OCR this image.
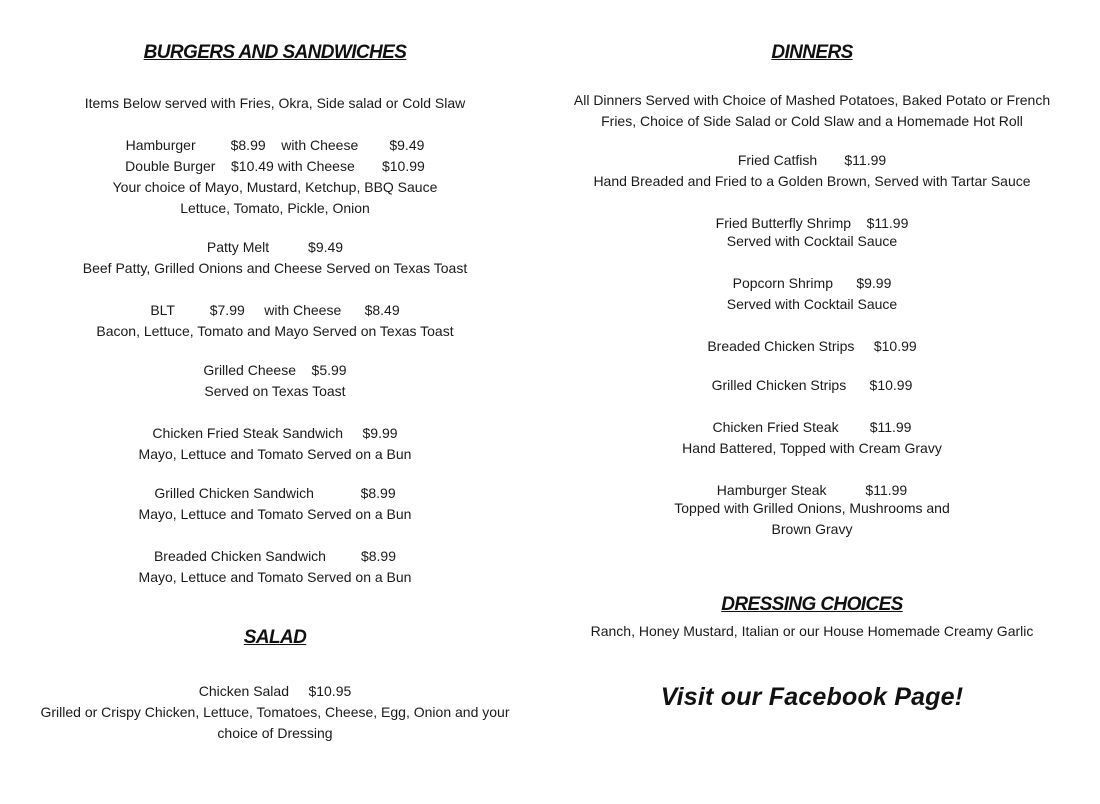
BURGERS AND SANDWICHES
Items Below served with Fries, Okra, Side salad or Cold Slaw
Hamburger         $8.99    with Cheese        $9.49
Double Burger    $10.49 with Cheese       $10.99
Your choice of Mayo, Mustard, Ketchup, BBQ Sauce
Lettuce, Tomato, Pickle, Onion
Patty Melt          $9.49
Beef Patty, Grilled Onions and Cheese Served on Texas Toast
BLT         $7.99     with Cheese      $8.49
Bacon, Lettuce, Tomato and Mayo Served on Texas Toast
Grilled Cheese    $5.99
Served on Texas Toast
Chicken Fried Steak Sandwich     $9.99
Mayo, Lettuce and Tomato Served on a Bun
Grilled Chicken Sandwich            $8.99
Mayo, Lettuce and Tomato Served on a Bun
Breaded Chicken Sandwich         $8.99
Mayo, Lettuce and Tomato Served on a Bun
SALAD
Chicken Salad     $10.95
Grilled or Crispy Chicken, Lettuce, Tomatoes, Cheese, Egg, Onion and your choice of Dressing
DINNERS
All Dinners Served with Choice of Mashed Potatoes, Baked Potato or French Fries, Choice of Side Salad or Cold Slaw and a Homemade Hot Roll
Fried Catfish       $11.99
Hand Breaded and Fried to a Golden Brown, Served with Tartar Sauce
Fried Butterfly Shrimp    $11.99
Served with Cocktail Sauce
Popcorn Shrimp      $9.99
Served with Cocktail Sauce
Breaded Chicken Strips     $10.99
Grilled Chicken Strips      $10.99
Chicken Fried Steak        $11.99
Hand Battered, Topped with Cream Gravy
Hamburger Steak          $11.99
Topped with Grilled Onions, Mushrooms and Brown Gravy
DRESSING CHOICES
Ranch, Honey Mustard, Italian or our House Homemade Creamy Garlic
Visit our Facebook Page!
